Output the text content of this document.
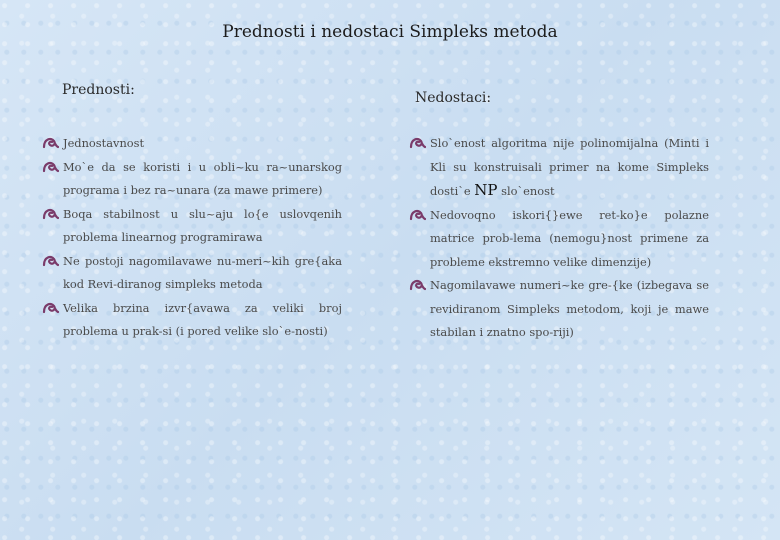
Prednosti i nedostaci Simpleks metoda
Prednosti:	Nedostaci:

Jednostavnost

Mo`e da se koristi i u obli~ku ra~unarskog programa i bez ra~unara (za mawe primere)

Boqa stabilnost u slu~aju lo{e uslovqenih problema linearnog programirawa

Ne postoji nagomilavawe nu-meri~kih gre{aka kod Revi-diranog simpleks metoda

Velika brzina izvr{avawa za veliki broj problema u prak-si (i pored velike slo`e-nosti)

Slo`enost algoritma nije polinomijalna (Minti i Kli su konstruisali primer na kome Simpleks dosti`e NP slo`enost

Nedovoqno iskori{}ewe ret-ko}e polazne matrice prob-lema (nemogu}nost primene za probleme ekstremno velike dimenzije)

Nagomilavawe numeri~ke gre-{ke (izbegava se revidiranom Simpleks metodom, koji je mawe stabilan i znatno spo-riji)
